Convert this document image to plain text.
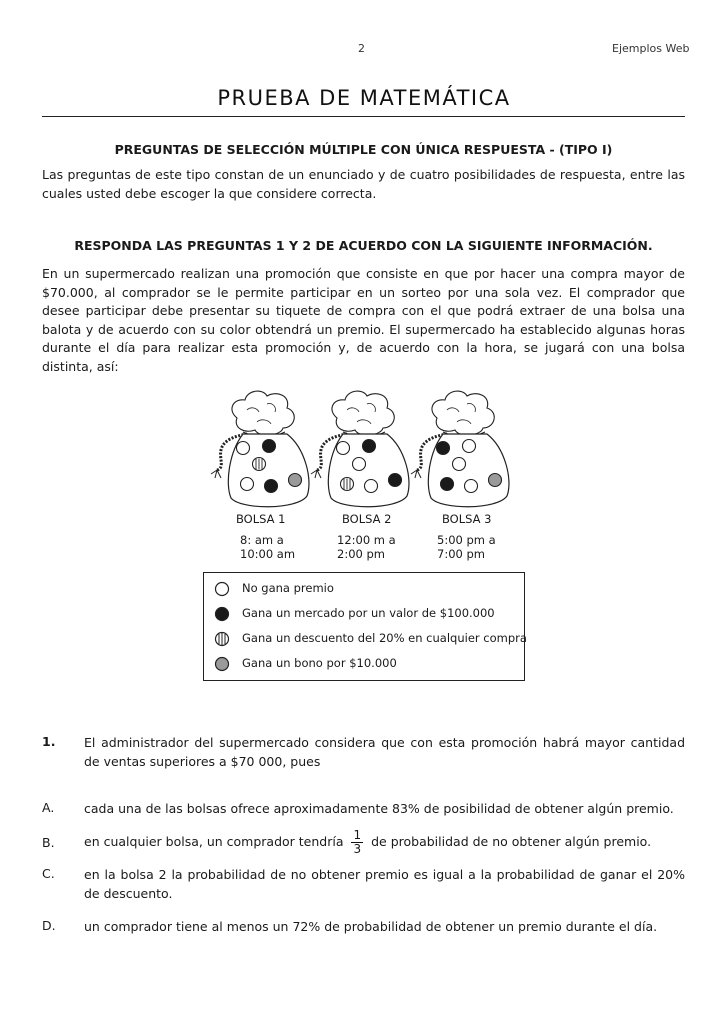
2	Ejemplos Web
PRUEBA DE MATEMÁTICA
PREGUNTAS DE SELECCIÓN MÚLTIPLE CON ÚNICA RESPUESTA - (TIPO I)
Las preguntas de este tipo constan de un enunciado y de cuatro posibilidades de respuesta, entre las cuales usted debe escoger la que considere correcta.
RESPONDA LAS PREGUNTAS 1 Y 2 DE ACUERDO CON LA SIGUIENTE INFORMACIÓN.
En un supermercado realizan una promoción que consiste en que por hacer una compra mayor de $70.000, al comprador se le permite participar en un sorteo por una sola vez. El comprador que desee participar debe presentar su tiquete de compra con el que podrá extraer de una bolsa una balota y de acuerdo con su color obtendrá un premio. El supermercado ha establecido algunas horas durante el día para realizar esta promoción y, de acuerdo con la hora, se jugará con una bolsa distinta, así:
BOLSA 1	BOLSA 2	BOLSA 3
8: am a
10:00 am
12:00 m a
2:00 pm
5:00 pm a
7:00 pm
No gana premio
Gana un mercado por un valor de $100.000
Gana un descuento del 20% en cualquier compra
Gana un bono por $10.000
1. El administrador del supermercado considera que con esta promoción habrá mayor cantidad de ventas superiores a $70 000, pues
A. cada una de las bolsas ofrece aproximadamente 83% de posibilidad de obtener algún premio.
B. en cualquier bolsa, un comprador tendría $\frac{1}{3}$ de probabilidad de no obtener algún premio.
C. en la bolsa 2 la probabilidad de no obtener premio es igual a la probabilidad de ganar el 20% de descuento.
D. un comprador tiene al menos un 72% de probabilidad de obtener un premio durante el día.
